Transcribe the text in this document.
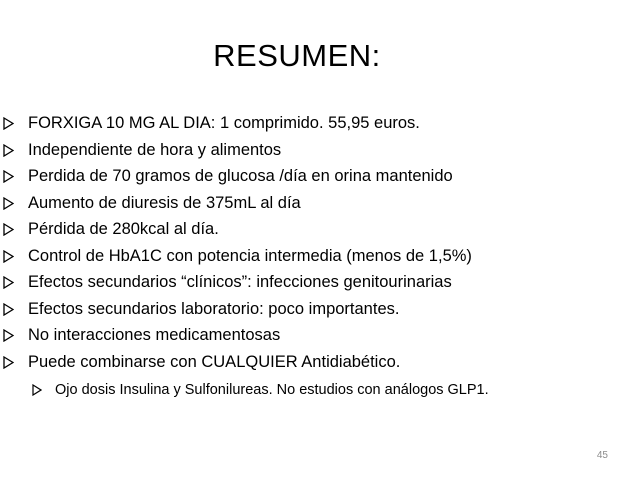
RESUMEN:
FORXIGA 10 MG AL DIA: 1 comprimido. 55,95 euros.
Independiente de hora y alimentos
Perdida de 70 gramos de glucosa /día en orina mantenido
Aumento de diuresis de 375mL al día
Pérdida de 280kcal al día.
Control de HbA1C con potencia intermedia (menos de 1,5%)
Efectos secundarios “clínicos”: infecciones genitourinarias
Efectos secundarios laboratorio: poco importantes.
No interacciones medicamentosas
Puede combinarse con CUALQUIER Antidiabético.
Ojo dosis Insulina y Sulfonilureas. No estudios con análogos GLP1.
45
